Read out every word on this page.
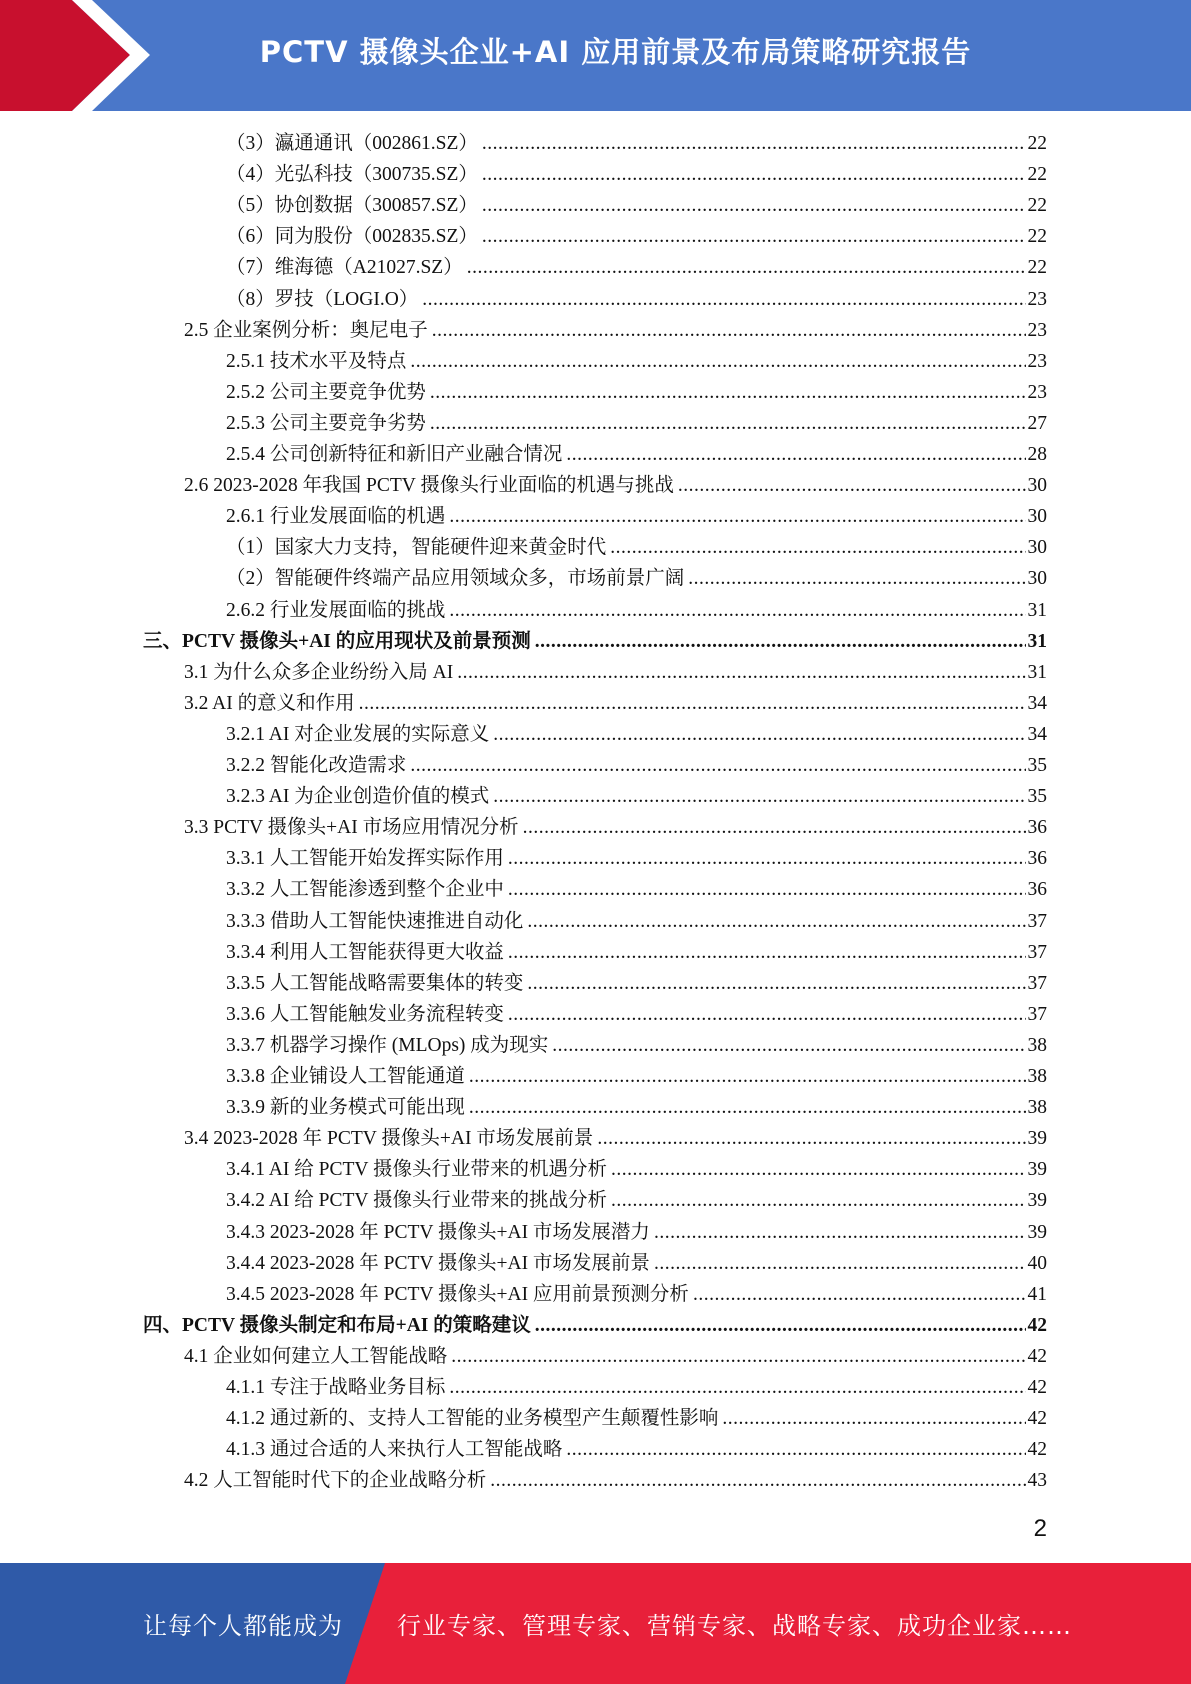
PCTV 摄像头企业+AI 应用前景及布局策略研究报告
（3）瀛通通讯（002861.SZ） .....	22
（4）光弘科技（300735.SZ） .....	22
（5）协创数据（300857.SZ） .....	22
（6）同为股份（002835.SZ） .....	22
（7）维海德（A21027.SZ） .....	22
（8）罗技（LOGI.O） .....	23
2.5 企业案例分析：奥尼电子 .....	23
2.5.1 技术水平及特点 .....	23
2.5.2 公司主要竞争优势 .....	23
2.5.3 公司主要竞争劣势 .....	27
2.5.4 公司创新特征和新旧产业融合情况 .....	28
2.6 2023-2028 年我国 PCTV 摄像头行业面临的机遇与挑战 .....	30
2.6.1 行业发展面临的机遇 .....	30
（1）国家大力支持，智能硬件迎来黄金时代 .....	30
（2）智能硬件终端产品应用领域众多，市场前景广阔 .....	30
2.6.2 行业发展面临的挑战 .....	31
三、PCTV 摄像头+AI 的应用现状及前景预测 .....	31
3.1 为什么众多企业纷纷入局 AI .....	31
3.2 AI 的意义和作用 .....	34
3.2.1 AI 对企业发展的实际意义 .....	34
3.2.2 智能化改造需求 .....	35
3.2.3 AI 为企业创造价值的模式 .....	35
3.3 PCTV 摄像头+AI 市场应用情况分析 .....	36
3.3.1 人工智能开始发挥实际作用 .....	36
3.3.2 人工智能渗透到整个企业中 .....	36
3.3.3 借助人工智能快速推进自动化 .....	37
3.3.4 利用人工智能获得更大收益 .....	37
3.3.5 人工智能战略需要集体的转变 .....	37
3.3.6 人工智能触发业务流程转变 .....	37
3.3.7 机器学习操作 (MLOps) 成为现实 .....	38
3.3.8 企业铺设人工智能通道 .....	38
3.3.9 新的业务模式可能出现 .....	38
3.4 2023-2028 年 PCTV 摄像头+AI 市场发展前景 .....	39
3.4.1 AI 给 PCTV 摄像头行业带来的机遇分析 .....	39
3.4.2 AI 给 PCTV 摄像头行业带来的挑战分析 .....	39
3.4.3 2023-2028 年 PCTV 摄像头+AI 市场发展潜力 .....	39
3.4.4 2023-2028 年 PCTV 摄像头+AI 市场发展前景 .....	40
3.4.5 2023-2028 年 PCTV 摄像头+AI 应用前景预测分析 .....	41
四、PCTV 摄像头制定和布局+AI 的策略建议 .....	42
4.1 企业如何建立人工智能战略 .....	42
4.1.1 专注于战略业务目标 .....	42
4.1.2 通过新的、支持人工智能的业务模型产生颠覆性影响 .....	42
4.1.3 通过合适的人来执行人工智能战略 .....	42
4.2 人工智能时代下的企业战略分析 .....	43
2
让每个人都能成为 行业专家、管理专家、营销专家、战略专家、成功企业家……
